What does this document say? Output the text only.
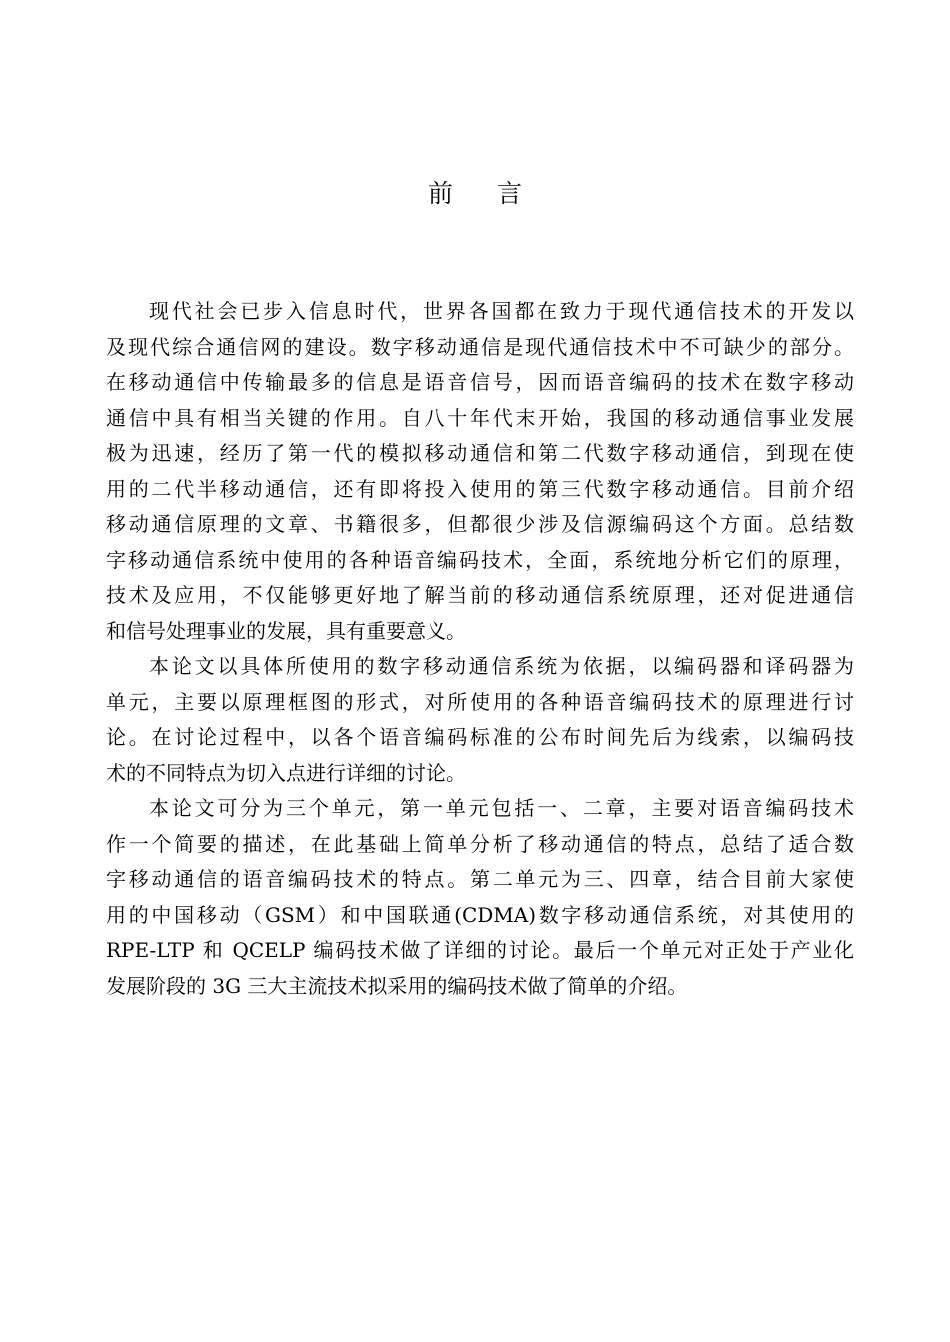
前 言
现代社会已步入信息时代，世界各国都在致力于现代通信技术的开发以
及现代综合通信网的建设。数字移动通信是现代通信技术中不可缺少的部分。
在移动通信中传输最多的信息是语音信号，因而语音编码的技术在数字移动
通信中具有相当关键的作用。自八十年代末开始，我国的移动通信事业发展
极为迅速，经历了第一代的模拟移动通信和第二代数字移动通信，到现在使
用的二代半移动通信，还有即将投入使用的第三代数字移动通信。目前介绍
移动通信原理的文章、书籍很多，但都很少涉及信源编码这个方面。总结数
字移动通信系统中使用的各种语音编码技术，全面，系统地分析它们的原理，
技术及应用，不仅能够更好地了解当前的移动通信系统原理，还对促进通信
和信号处理事业的发展，具有重要意义。
本论文以具体所使用的数字移动通信系统为依据，以编码器和译码器为
单元，主要以原理框图的形式，对所使用的各种语音编码技术的原理进行讨
论。在讨论过程中，以各个语音编码标准的公布时间先后为线索，以编码技
术的不同特点为切入点进行详细的讨论。
本论文可分为三个单元，第一单元包括一、二章，主要对语音编码技术
作一个简要的描述，在此基础上简单分析了移动通信的特点，总结了适合数
字移动通信的语音编码技术的特点。第二单元为三、四章，结合目前大家使
用的中国移动（GSM）和中国联通(CDMA)数字移动通信系统，对其使用的
RPE-LTP 和 QCELP 编码技术做了详细的讨论。最后一个单元对正处于产业化
发展阶段的 3G 三大主流技术拟采用的编码技术做了简单的介绍。
